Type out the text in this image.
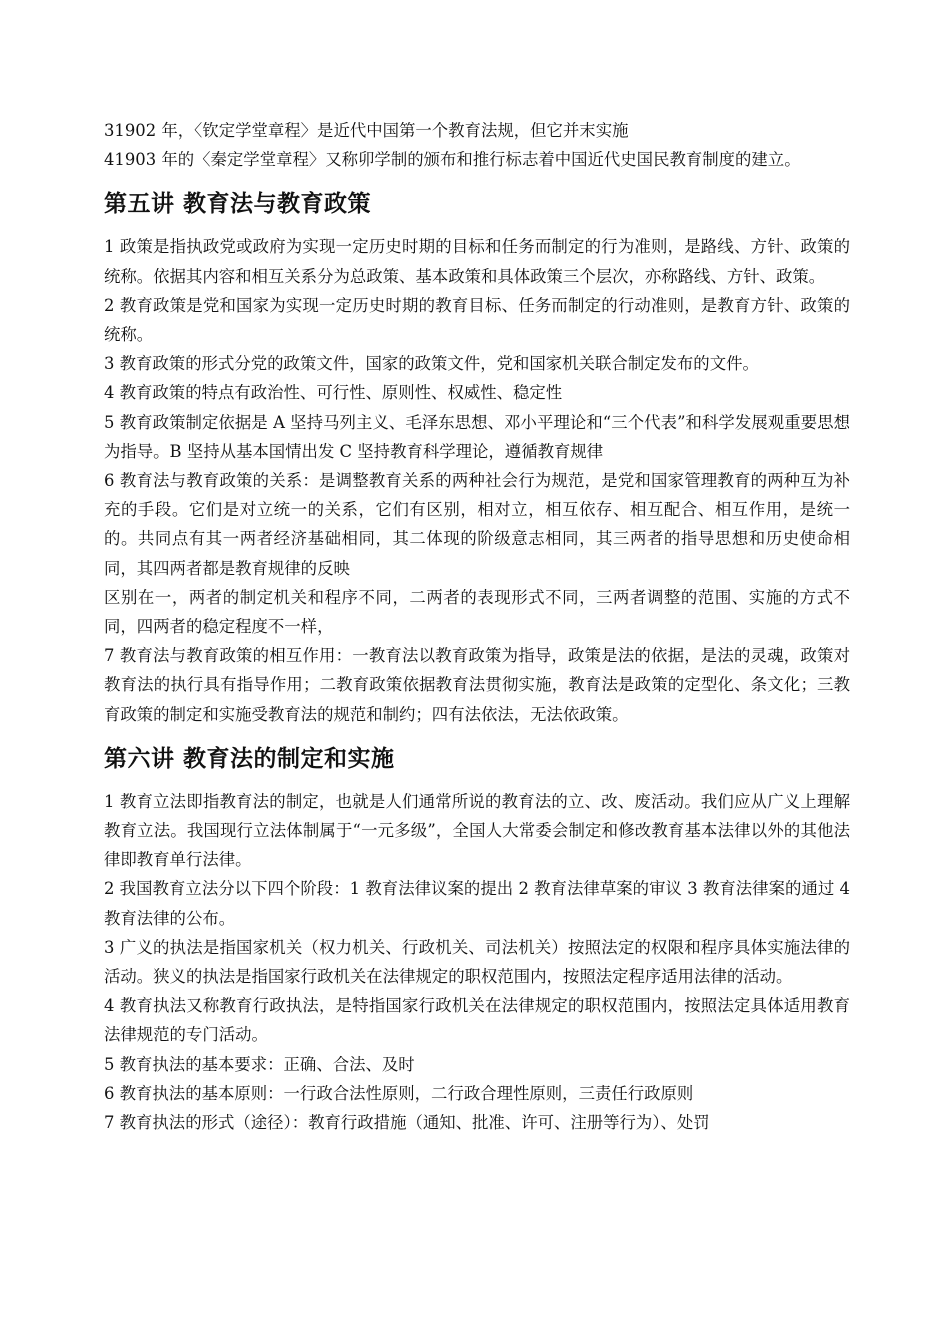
31902 年，〈钦定学堂章程〉是近代中国第一个教育法规，但它并末实施

41903 年的〈秦定学堂章程〉又称卯学制的颁布和推行标志着中国近代史国民教育制度的建立。

第五讲 教育法与教育政策

1 政策是指执政党或政府为实现一定历史时期的目标和任务而制定的行为准则，是路线、方针、政策的统称。依据其内容和相互关系分为总政策、基本政策和具体政策三个层次，亦称路线、方针、政策。

2 教育政策是党和国家为实现一定历史时期的教育目标、任务而制定的行动准则，是教育方针、政策的统称。

3 教育政策的形式分党的政策文件，国家的政策文件，党和国家机关联合制定发布的文件。

4 教育政策的特点有政治性、可行性、原则性、权威性、稳定性

5 教育政策制定依据是 A 坚持马列主义、毛泽东思想、邓小平理论和“三个代表”和科学发展观重要思想为指导。B 坚持从基本国情出发 C 坚持教育科学理论，遵循教育规律

6 教育法与教育政策的关系：是调整教育关系的两种社会行为规范，是党和国家管理教育的两种互为补充的手段。它们是对立统一的关系，它们有区别，相对立，相互依存、相互配合、相互作用，是统一的。共同点有其一两者经济基础相同，其二体现的阶级意志相同，其三两者的指导思想和历史使命相同，其四两者都是教育规律的反映

区别在一，两者的制定机关和程序不同，二两者的表现形式不同，三两者调整的范围、实施的方式不同，四两者的稳定程度不一样，

7 教育法与教育政策的相互作用：一教育法以教育政策为指导，政策是法的依据，是法的灵魂，政策对教育法的执行具有指导作用；二教育政策依据教育法贯彻实施，教育法是政策的定型化、条文化；三教育政策的制定和实施受教育法的规范和制约；四有法依法，无法依政策。

第六讲 教育法的制定和实施

1 教育立法即指教育法的制定，也就是人们通常所说的教育法的立、改、废活动。我们应从广义上理解教育立法。我国现行立法体制属于“一元多级”，全国人大常委会制定和修改教育基本法律以外的其他法律即教育单行法律。

2 我国教育立法分以下四个阶段：1 教育法律议案的提出 2 教育法律草案的审议 3 教育法律案的通过 4 教育法律的公布。

3 广义的执法是指国家机关（权力机关、行政机关、司法机关）按照法定的权限和程序具体实施法律的活动。狭义的执法是指国家行政机关在法律规定的职权范围内，按照法定程序适用法律的活动。

4 教育执法又称教育行政执法，是特指国家行政机关在法律规定的职权范围内，按照法定具体适用教育法律规范的专门活动。

5 教育执法的基本要求：正确、合法、及时

6 教育执法的基本原则：一行政合法性原则，二行政合理性原则，三责任行政原则

7 教育执法的形式（途径）：教育行政措施（通知、批准、许可、注册等行为）、处罚
